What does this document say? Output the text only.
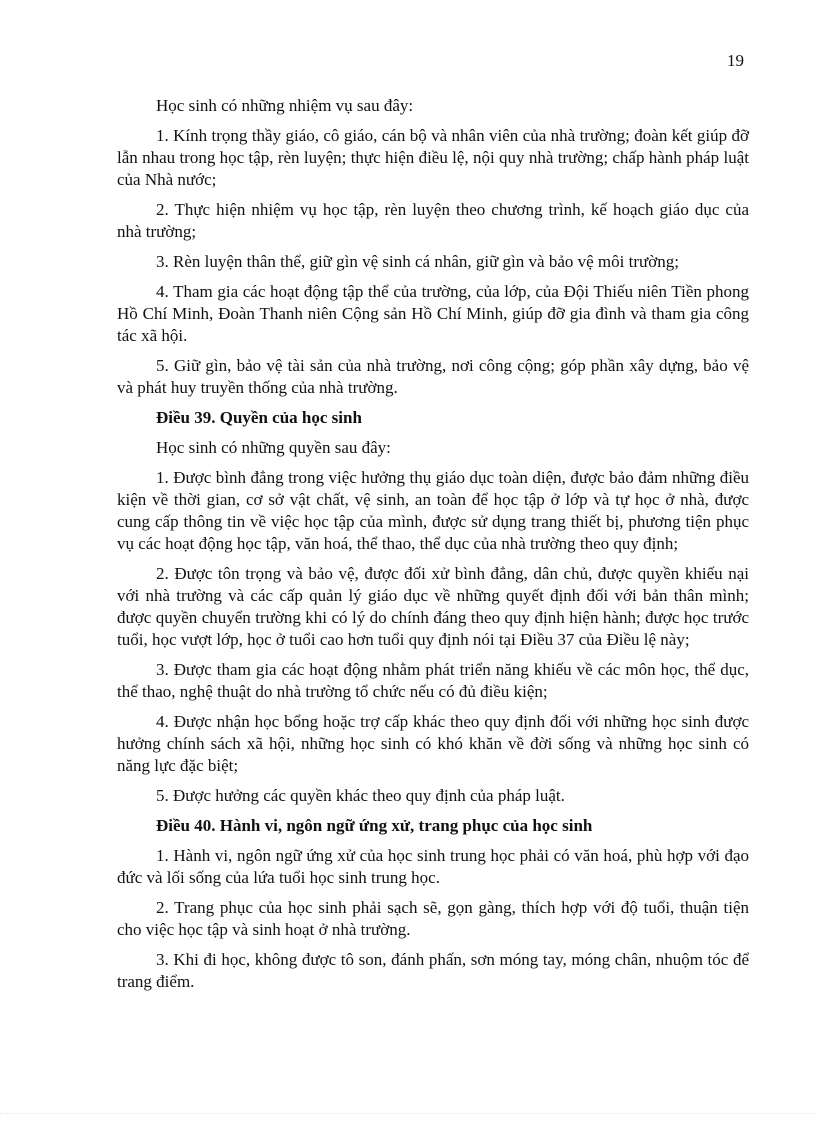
19

Học sinh có những nhiệm vụ sau đây:

1. Kính trọng thầy giáo, cô giáo, cán bộ và nhân viên của nhà trường; đoàn kết giúp đỡ lẫn nhau trong học tập, rèn luyện; thực hiện điều lệ, nội quy nhà trường; chấp hành pháp luật của Nhà nước;

2. Thực hiện nhiệm vụ học tập, rèn luyện theo chương trình, kế hoạch giáo dục của nhà trường;

3. Rèn luyện thân thể, giữ gìn vệ sinh cá nhân, giữ gìn và bảo vệ môi trường;

4. Tham gia các hoạt động tập thể của trường, của lớp, của Đội Thiếu niên Tiền phong Hồ Chí Minh, Đoàn Thanh niên Cộng sản Hồ Chí Minh, giúp đỡ gia đình và tham gia công tác xã hội.

5. Giữ gìn, bảo vệ tài sản của nhà trường, nơi công cộng; góp phần xây dựng, bảo vệ và phát huy truyền thống của nhà trường.

Điều 39. Quyền của học sinh

Học sinh có những quyền sau đây:

1. Được bình đẳng trong việc hưởng thụ giáo dục toàn diện, được bảo đảm những điều kiện về thời gian, cơ sở vật chất, vệ sinh, an toàn để học tập ở lớp và tự học ở nhà, được cung cấp thông tin về việc học tập của mình, được sử dụng trang thiết bị, phương tiện phục vụ các hoạt động học tập, văn hoá, thể thao, thể dục của nhà trường theo quy định;

2. Được tôn trọng và bảo vệ, được đối xử bình đẳng, dân chủ, được quyền khiếu nại với nhà trường và các cấp quản lý giáo dục về những quyết định đối với bản thân mình; được quyền chuyển trường khi có lý do chính đáng theo quy định hiện hành; được học trước tuổi, học vượt lớp, học ở tuổi cao hơn tuổi quy định nói tại Điều 37 của Điều lệ này;

3. Được tham gia các hoạt động nhằm phát triển năng khiếu về các môn học, thể dục, thể thao, nghệ thuật do nhà trường tổ chức nếu có đủ điều kiện;

4. Được nhận học bổng hoặc trợ cấp khác theo quy định đối với những học sinh được hưởng chính sách xã hội, những học sinh có khó khăn về đời sống và những học sinh có năng lực đặc biệt;

5. Được hưởng các quyền khác theo quy định của pháp luật.

Điều 40. Hành vi, ngôn ngữ ứng xử, trang phục của học sinh

1. Hành vi, ngôn ngữ ứng xử của học sinh trung học phải có văn hoá, phù hợp với đạo đức và lối sống của lứa tuổi học sinh trung học.

2. Trang phục của học sinh phải sạch sẽ, gọn gàng, thích hợp với độ tuổi, thuận tiện cho việc học tập và sinh hoạt ở nhà trường.

3. Khi đi học, không được tô son, đánh phấn, sơn móng tay, móng chân, nhuộm tóc để trang điểm.
